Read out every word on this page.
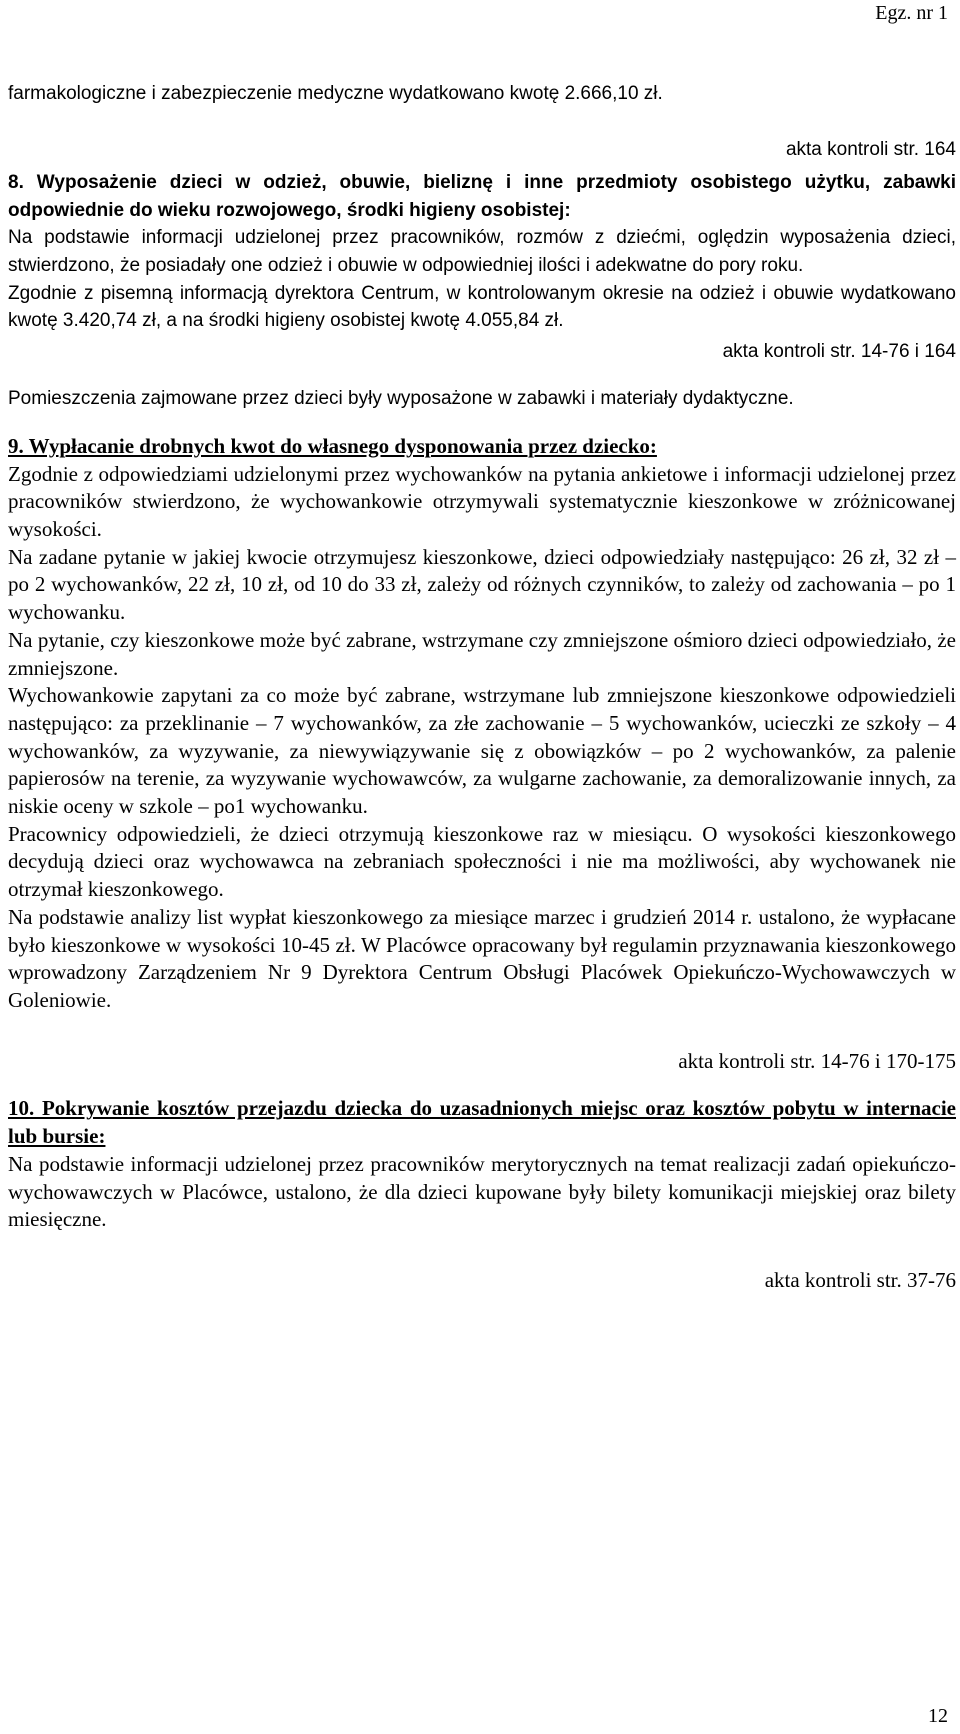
Egz. nr 1

farmakologiczne i zabezpieczenie medyczne wydatkowano kwotę 2.666,10 zł.

akta kontroli str. 164

8. Wyposażenie dzieci w odzież, obuwie, bieliznę i inne przedmioty osobistego użytku, zabawki odpowiednie do wieku rozwojowego, środki higieny osobistej:

Na podstawie informacji udzielonej przez pracowników, rozmów z dziećmi, oględzin wyposażenia dzieci, stwierdzono, że posiadały one odzież i obuwie w odpowiedniej ilości i adekwatne do pory roku.

Zgodnie z pisemną informacją dyrektora Centrum, w kontrolowanym okresie na odzież i obuwie wydatkowano kwotę 3.420,74 zł, a na środki higieny osobistej kwotę 4.055,84 zł.

akta kontroli str. 14-76 i 164

Pomieszczenia zajmowane przez dzieci były wyposażone w zabawki i materiały dydaktyczne.

9. Wypłacanie drobnych kwot do własnego dysponowania przez dziecko:

Zgodnie z odpowiedziami udzielonymi przez wychowanków na pytania ankietowe i informacji udzielonej przez pracowników stwierdzono, że wychowankowie otrzymywali systematycznie kieszonkowe w zróżnicowanej wysokości.

Na zadane pytanie w jakiej kwocie otrzymujesz kieszonkowe, dzieci odpowiedziały następująco: 26 zł, 32 zł – po 2 wychowanków, 22 zł, 10 zł, od 10 do 33 zł, zależy od różnych czynników, to zależy od zachowania – po 1 wychowanku.

Na pytanie, czy kieszonkowe może być zabrane, wstrzymane czy zmniejszone ośmioro dzieci odpowiedziało, że zmniejszone.

Wychowankowie zapytani za co może być zabrane, wstrzymane lub zmniejszone kieszonkowe odpowiedzieli następująco: za przeklinanie – 7 wychowanków, za złe zachowanie – 5 wychowanków, ucieczki ze szkoły – 4 wychowanków, za wyzywanie, za niewywiązywanie się z obowiązków – po 2 wychowanków, za palenie papierosów na terenie, za wyzywanie wychowawców, za wulgarne zachowanie, za demoralizowanie innych, za niskie oceny w szkole – po1 wychowanku.

Pracownicy odpowiedzieli, że dzieci otrzymują kieszonkowe raz w miesiącu. O wysokości kieszonkowego decydują dzieci oraz wychowawca na zebraniach społeczności i nie ma możliwości, aby wychowanek nie otrzymał kieszonkowego.

Na podstawie analizy list wypłat kieszonkowego za miesiące marzec i grudzień 2014 r. ustalono, że wypłacane było kieszonkowe w wysokości 10-45 zł. W Placówce opracowany był regulamin przyznawania kieszonkowego wprowadzony Zarządzeniem Nr 9 Dyrektora Centrum Obsługi Placówek Opiekuńczo-Wychowawczych w Goleniowie.

akta kontroli str. 14-76 i 170-175

10. Pokrywanie kosztów przejazdu dziecka do uzasadnionych miejsc oraz kosztów pobytu w internacie lub bursie:

Na podstawie informacji udzielonej przez pracowników merytorycznych na temat realizacji zadań opiekuńczo-wychowawczych w Placówce, ustalono, że dla dzieci kupowane były bilety komunikacji miejskiej oraz bilety miesięczne.

akta kontroli str. 37-76

12
